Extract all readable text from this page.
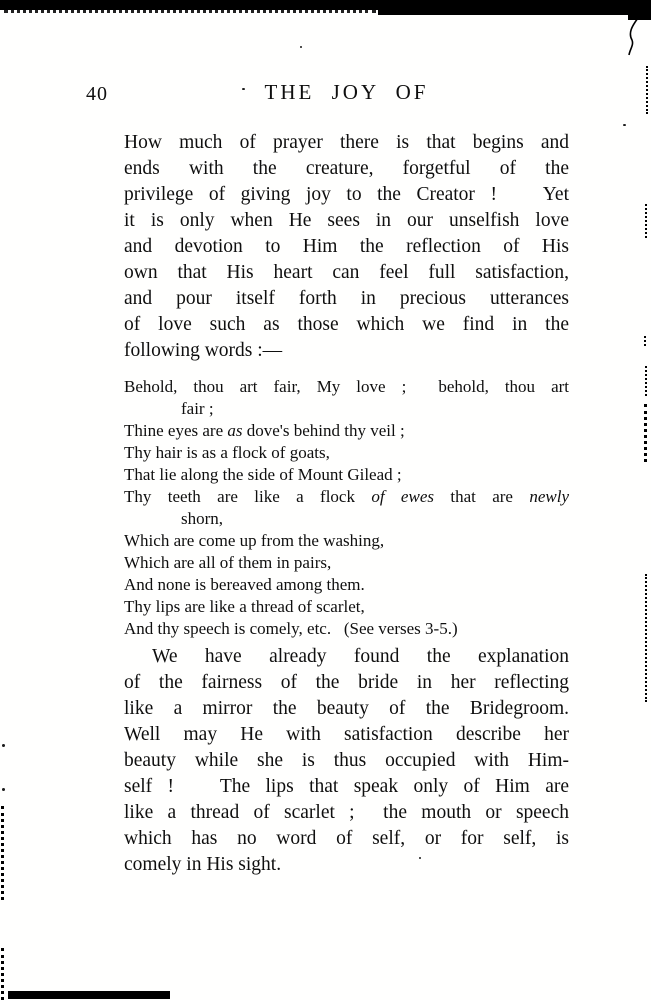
40	THE JOY OF
How much of prayer there is that begins and
ends with the creature, forgetful of the
privilege of giving joy to the Creator !   Yet
it is only when He sees in our unselfish love
and devotion to Him the reflection of His
own that His heart can feel full satisfaction,
and pour itself forth in precious utterances
of love such as those which we find in the
following words :—
Behold, thou art fair, My love ;  behold, thou art
fair ;
Thine eyes are as dove's behind thy veil ;
Thy hair is as a flock of goats,
That lie along the side of Mount Gilead ;
Thy teeth are like a flock of ewes that are newly
shorn,
Which are come up from the washing,
Which are all of them in pairs,
And none is bereaved among them.
Thy lips are like a thread of scarlet,
And thy speech is comely, etc.   (See verses 3-5.)
We have already found the explanation
of the fairness of the bride in her reflecting
like a mirror the beauty of the Bridegroom.
Well may He with satisfaction describe her
beauty while she is thus occupied with Him-
self !   The lips that speak only of Him are
like a thread of scarlet ;  the mouth or speech
which has no word of self, or for self, is
comely in His sight.
